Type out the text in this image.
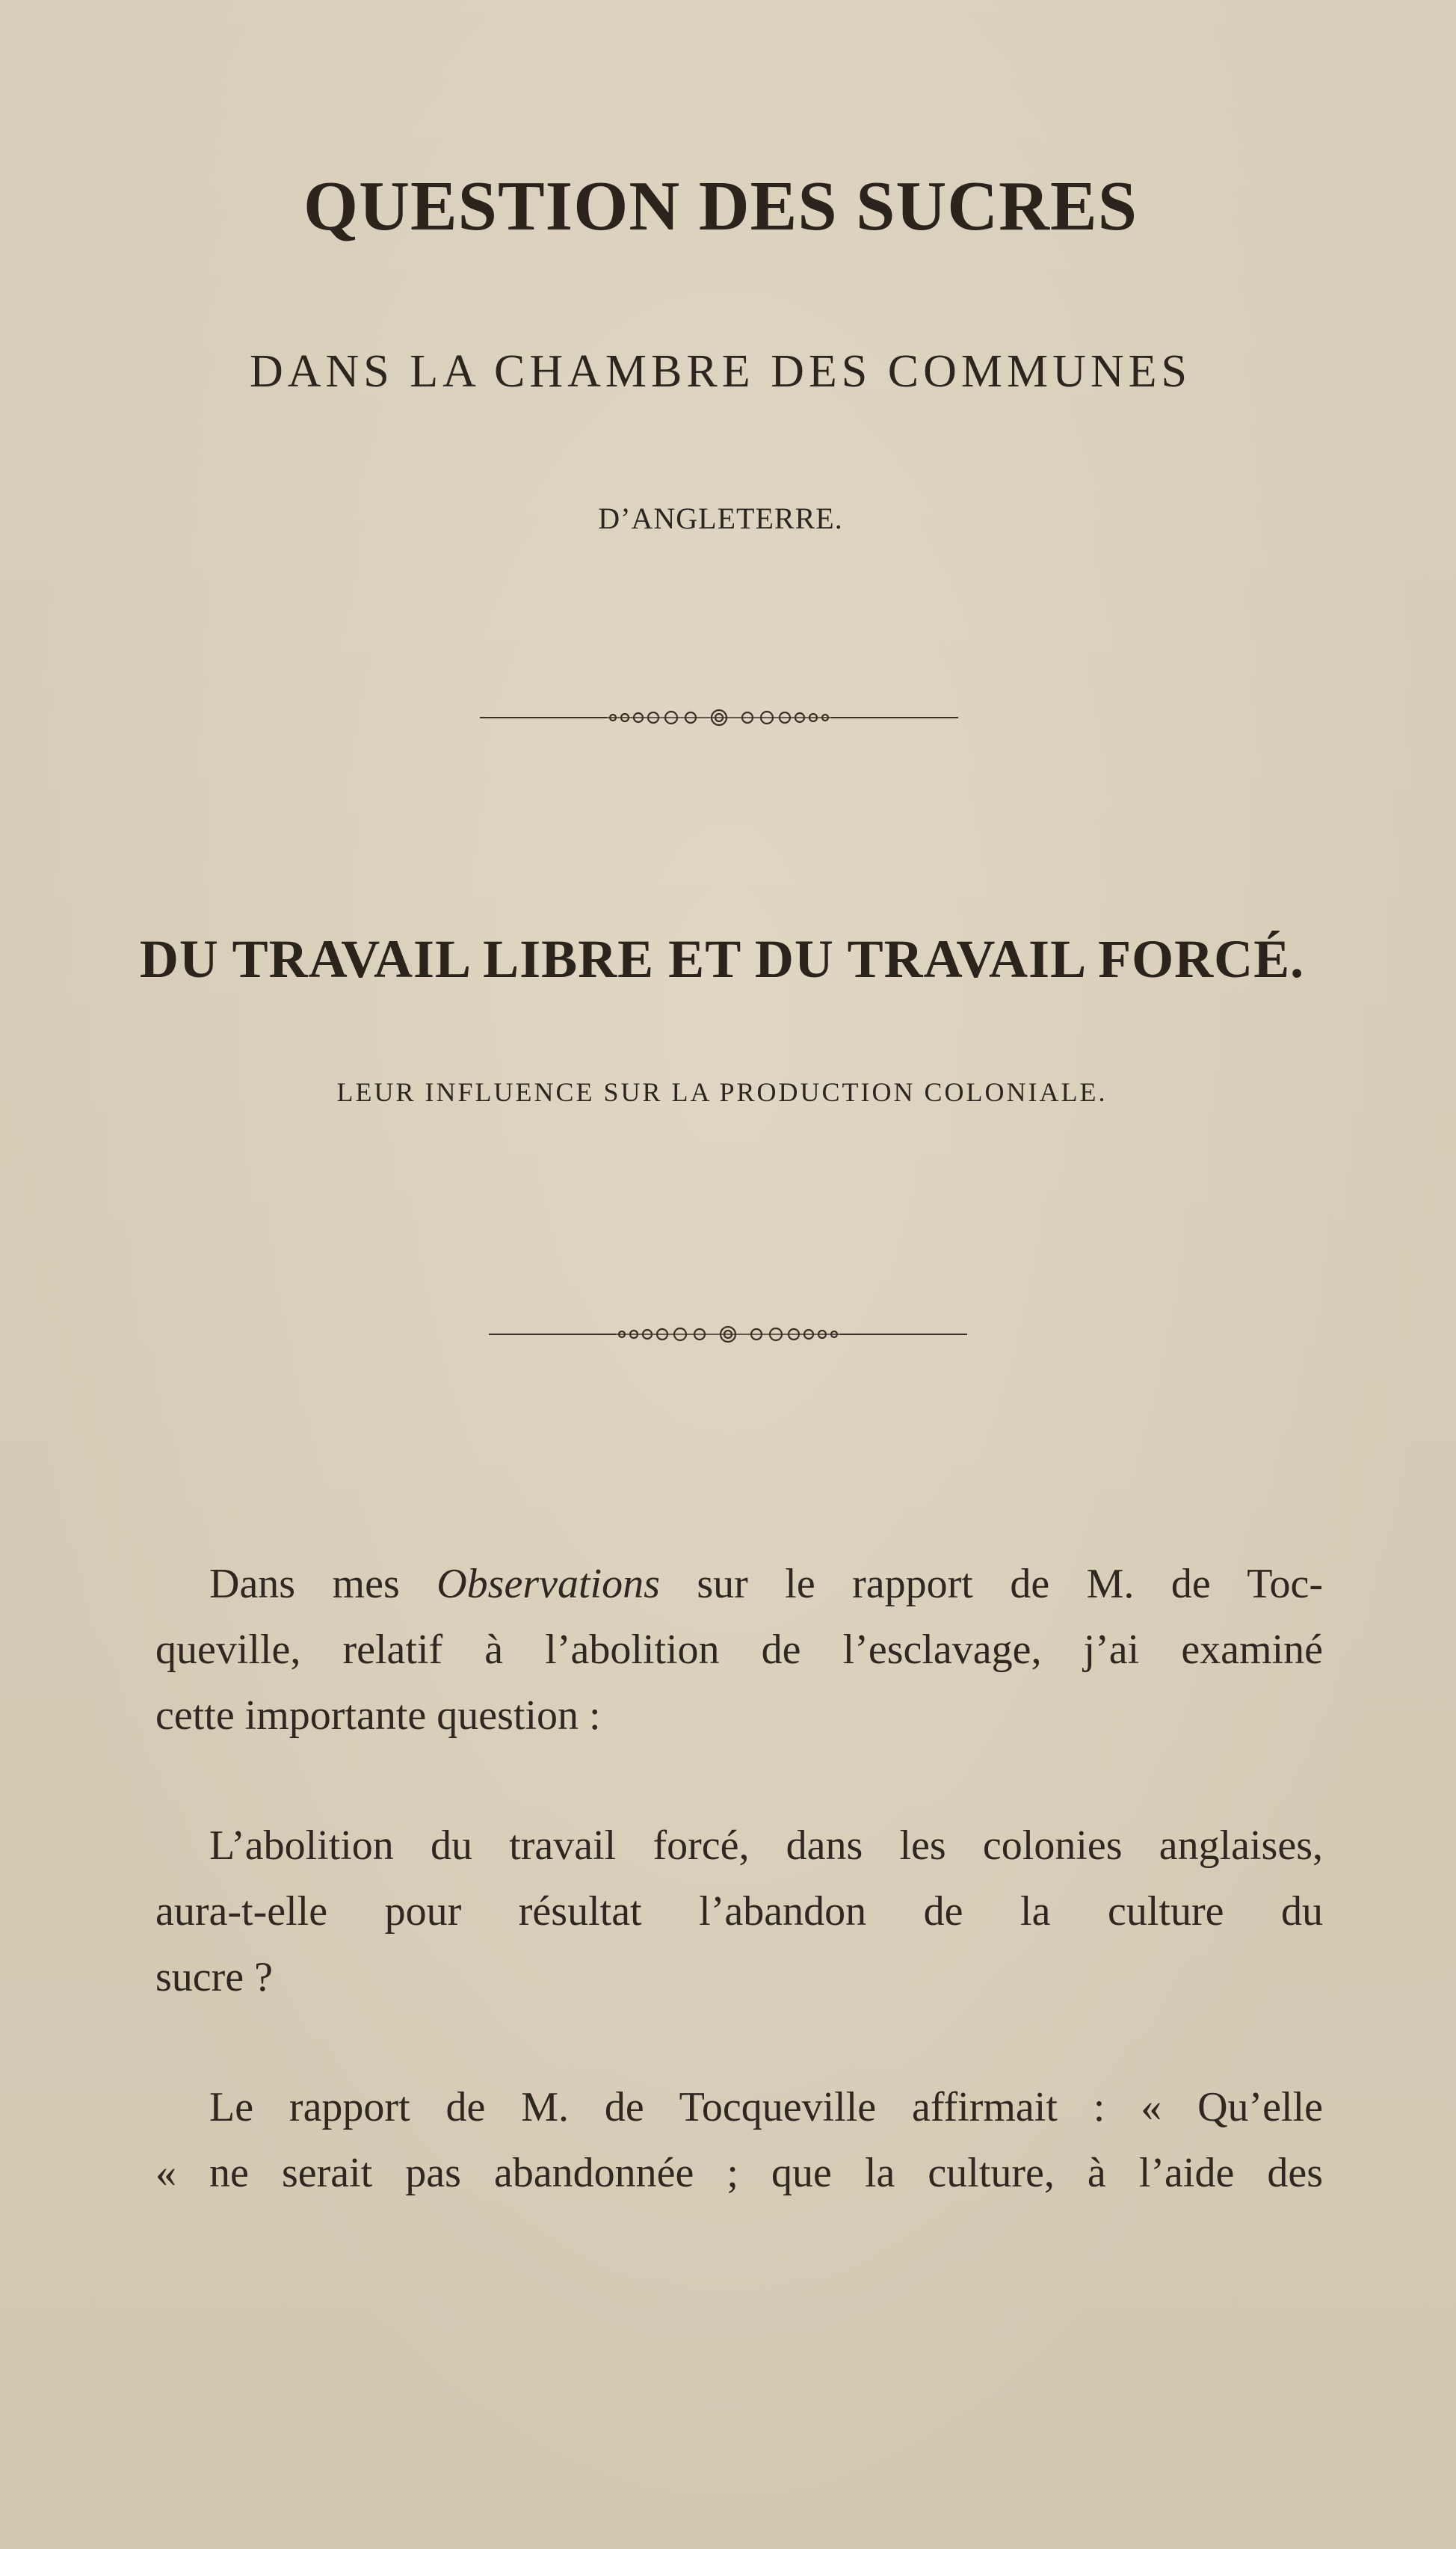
QUESTION DES SUCRES
DANS LA CHAMBRE DES COMMUNES
D’ANGLETERRE.
DU TRAVAIL LIBRE ET DU TRAVAIL FORCÉ.
LEUR INFLUENCE SUR LA PRODUCTION COLONIALE.

Dans mes Observations sur le rapport de M. de Toc-
queville, relatif à l’abolition de l’esclavage, j’ai examiné
cette importante question :

L’abolition du travail forcé, dans les colonies anglaises,
aura-t-elle pour résultat l’abandon de la culture du
sucre ?

Le rapport de M. de Tocqueville affirmait : « Qu’elle
« ne serait pas abandonnée ; que la culture, à l’aide des
